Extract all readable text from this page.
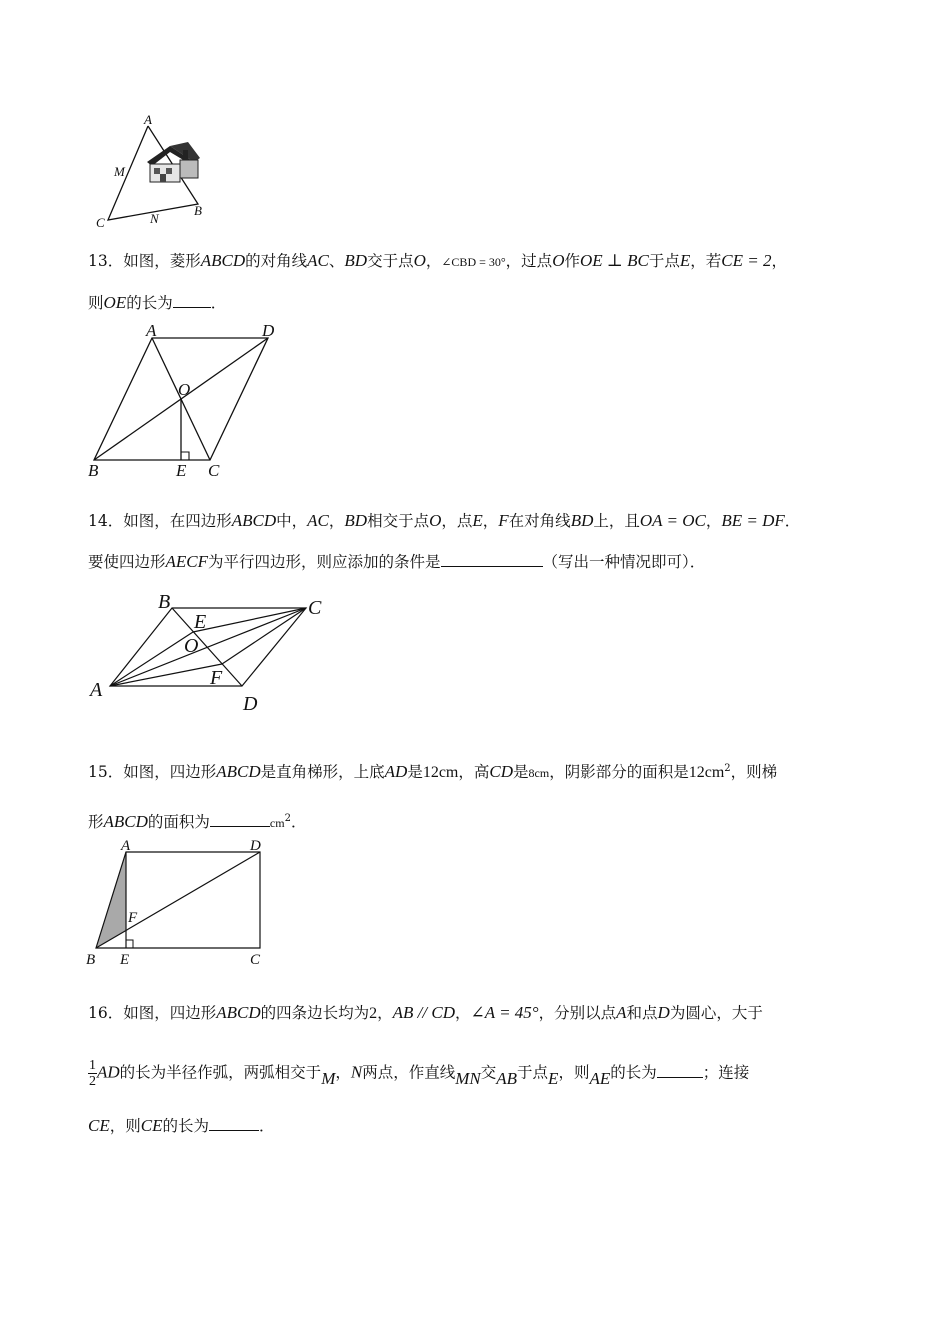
A
M
C	N
B
13．如图，菱形ABCD的对角线AC、BD交于点O，∠CBD = 30°，过点O作OE ⊥ BC于点E，若CE = 2，
则OE的长为 ．
A	D
O
B	E C
14．如图，在四边形ABCD中，AC，BD相交于点O，点E，F在对角线BD上，且OA = OC，BE = DF．
要使四边形AECF为平行四边形，则应添加的条件是	（写出一种情况即可）．
B
E
C
O
F
A
D
15．如图，四边形ABCD是直角梯形，上底AD是12cm，高CD是8cm，阴影部分的面积是$12cm^2$，则梯
形ABCD的面积为	$cm^2$．
A	D
F
B E	C
16．如图，四边形ABCD的四条边长均为2，AB // CD，∠A = 45°，分别以点A和点D为圆心，大于
$\frac{1}{2}$ AD的长为半径作弧，两弧相交于M，N两点，作直线MN交AB于点E，则AE的长为	；连接
CE，则CE的长为	．
